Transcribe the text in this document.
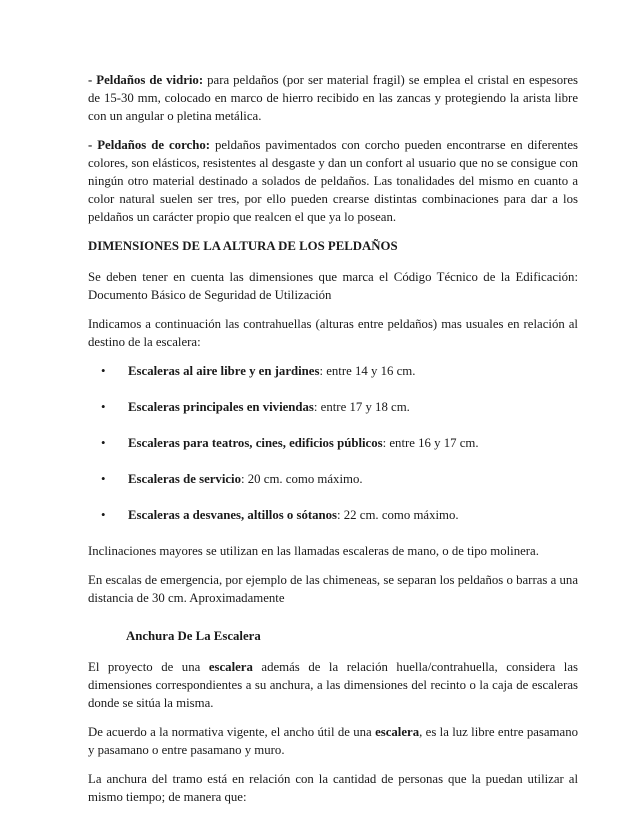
- Peldaños de vidrio: para peldaños (por ser material fragil) se emplea el cristal en espesores de 15-30 mm, colocado en marco de hierro recibido en las zancas y protegiendo la arista libre con un angular o pletina metálica.

- Peldaños de corcho: peldaños pavimentados con corcho pueden encontrarse en diferentes colores, son elásticos, resistentes al desgaste y dan un confort al usuario que no se consigue con ningún otro material destinado a solados de peldaños. Las tonalidades del mismo en cuanto a color natural suelen ser tres, por ello pueden crearse distintas combinaciones para dar a los peldaños un carácter propio que realcen el que ya lo posean.

DIMENSIONES DE LA ALTURA DE LOS PELDAÑOS

Se deben tener en cuenta las dimensiones que marca el Código Técnico de la Edificación: Documento Básico de Seguridad de Utilización

Indicamos a continuación las contrahuellas (alturas entre peldaños) mas usuales en relación al destino de la escalera:

• Escaleras al aire libre y en jardines: entre 14 y 16 cm.
• Escaleras principales en viviendas: entre 17 y 18 cm.
• Escaleras para teatros, cines, edificios públicos: entre 16 y 17 cm.
• Escaleras de servicio: 20 cm. como máximo.
• Escaleras a desvanes, altillos o sótanos: 22 cm. como máximo.

Inclinaciones mayores se utilizan en las llamadas escaleras de mano, o de tipo molinera.

En escalas de emergencia, por ejemplo de las chimeneas, se separan los peldaños o barras a una distancia de 30 cm. Aproximadamente

Anchura De La Escalera

El proyecto de una escalera además de la relación huella/contrahuella, considera las dimensiones correspondientes a su anchura, a las dimensiones del recinto o la caja de escaleras donde se sitúa la misma.

De acuerdo a la normativa vigente, el ancho útil de una escalera, es la luz libre entre pasamano y pasamano o entre pasamano y muro.

La anchura del tramo está en relación con la cantidad de personas que la puedan utilizar al mismo tiempo; de manera que:
